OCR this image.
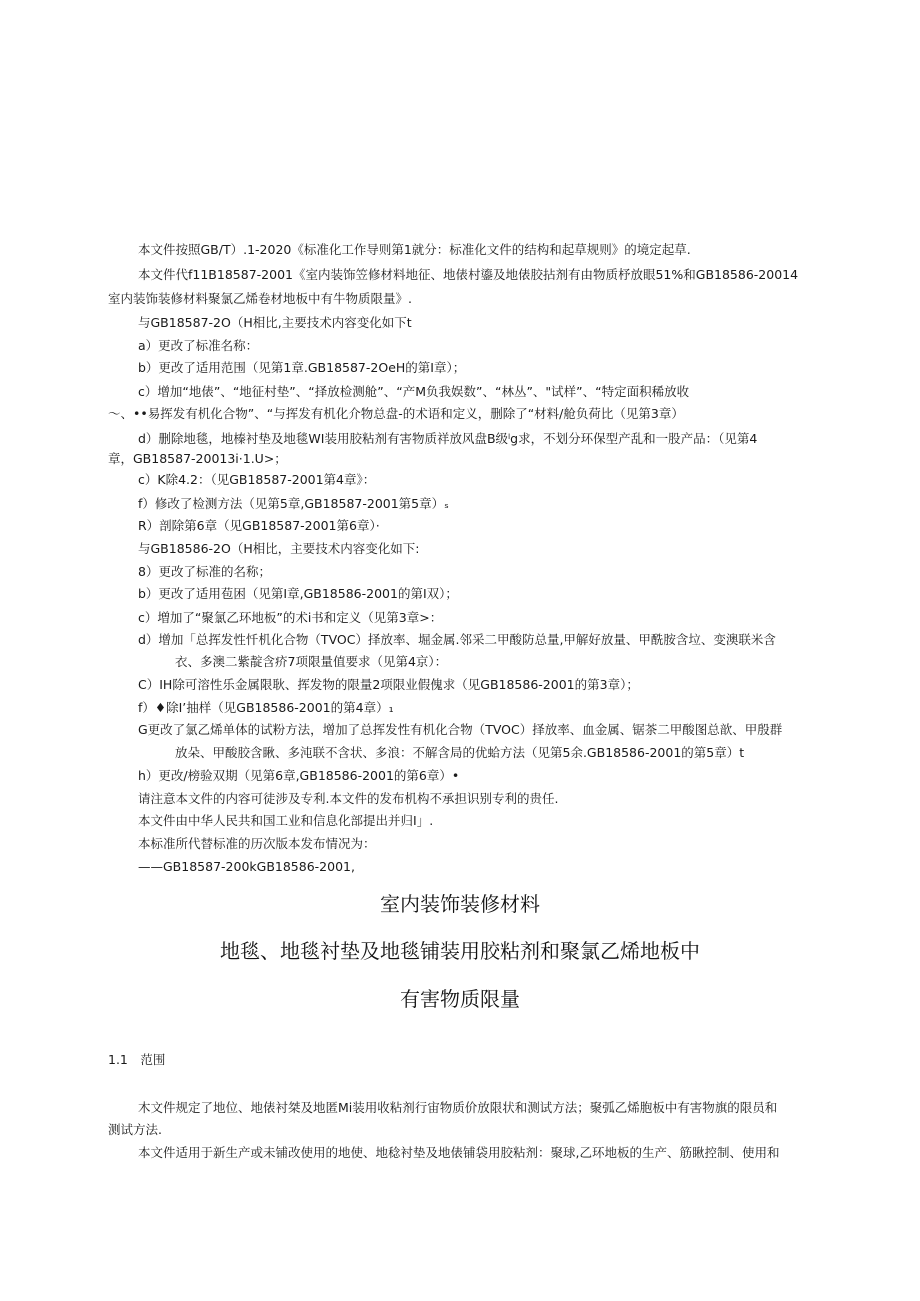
本文件按照GB/T）.1-2020《标准化工作导则第1就分：标准化文件的结构和起草规则》的境定起草.
本文件代f11B18587-2001《室内装饰笠修材料地征、地俵村鎏及地俵胶拈剂有由物质杼放眼51%和GB18586-20014
室内装饰装修材料聚氯乙烯卷材地板中有牛物质限量》.
与GB18587-2O（H相比,主要技术内容变化如下t
a）更改了标准名称：
b）更改了适用范围（见第1章.GB18587-2OeH的第I章）；
c）增加“地俵”、“地征村垫”、“择放检测舱”、“产M负我娱数”、“林丛”、"试样”、“特定面积稀放收
～、••易挥发有机化合物”、“与挥发有机化介物总盘-的术语和定义，删除了“材料/舱负荷比（见第3章）
d）删除地毯，地榛衬垫及地毯WI装用胶粘剂有害物质祥放风盘B级ˡg求，不划分环保型产乱和一股产品：（见第4
章，GB18587-20013i·1.U>；
c）K除4.2：（见GB18587-2001第4章》：
f）修改了检测方法（见第5章,GB18587-2001第5章）ₛ
R）剖除第6章（见GB18587-2001第6章）·
与GB18586-2O（H相比，主要技术内容变化如下:
8）更改了标准的名称；
b）更改了适用苞困（见第I章,GB18586-2001的第I双）；
c）増加了“聚氯乙环地板”的术i书和定义（见第3章>：
d）增加「总挥发性忏机化合物（TVOC）择放率、堀金属.邻采二甲酸防总量,甲解好放量、甲酰胺含垃、变澳联米含
衣、多澳二紫靛含疥7项限量值要求（见第4京）：
C）IH除可溶性乐金属限耿、挥发物的限量2项限业假傀求（见GB18586-2001的第3章）；
f）♦除I’抽样（见GB18586-2001的第4章）₁
G更改了氯乙烯单体的试粉方法，增加了总挥发性有机化合物（TVOC）择放率、血金属、锯茶二甲酸图总歆、甲殷群
放朵、甲酸胶含瞅、多沌联不含状、多浪：不解含局的优蛤方法（见第5余.GB18586-2001的第5章）t
h）更改/榜验双期（见第6章,GB18586-2001的第6章）•
请注意本文件的内容可徒涉及专利.本文件的发布机构不承担识别专利的贵任.
本文件由中华人民共和国工业和信息化部提出并归I」.
本标准所代替标准的历次版本发布情况为：
——GB18587-200kGB18586-2001,
室内装饰装修材料
地毯、地毯衬垫及地毯铺装用胶粘剂和聚氯乙烯地板中
有害物质限量
1.1　范围
木文件规定了地位、地俵衬桀及地匿Mi装用收粘剂行宙物质价放限状和测试方法；聚弧乙烯胞板中有害物旗的限员和
测试方法.
本文件适用于新生产或未铺改使用的地使、地稔衬垫及地俵铺袋用胶粘剂：聚球,乙环地板的生产、筋瞅控制、使用和
